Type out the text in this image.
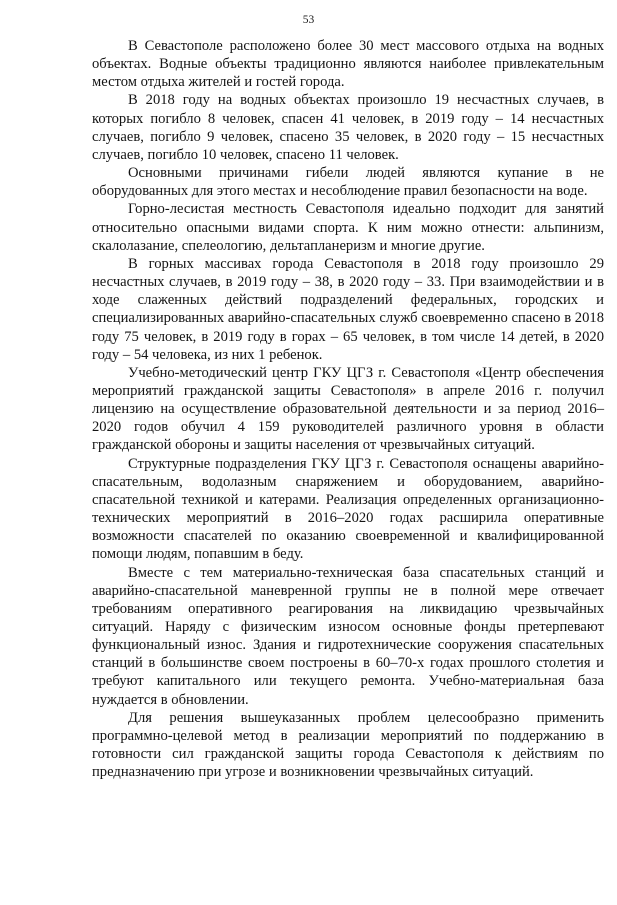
53

В Севастополе расположено более 30 мест массового отдыха на водных объектах. Водные объекты традиционно являются наиболее привлекательным местом отдыха жителей и гостей города.

В 2018 году на водных объектах произошло 19 несчастных случаев, в которых погибло 8 человек, спасен 41 человек, в 2019 году – 14 несчастных случаев, погибло 9 человек, спасено 35 человек, в 2020 году – 15 несчастных случаев, погибло 10 человек, спасено 11 человек.

Основными причинами гибели людей являются купание в не оборудованных для этого местах и несоблюдение правил безопасности на воде.

Горно-лесистая местность Севастополя идеально подходит для занятий относительно опасными видами спорта. К ним можно отнести: альпинизм, скалолазание, спелеологию, дельтапланеризм и многие другие.

В горных массивах города Севастополя в 2018 году произошло 29 несчастных случаев, в 2019 году – 38, в 2020 году – 33. При взаимодействии и в ходе слаженных действий подразделений федеральных, городских и специализированных аварийно-спасательных служб своевременно спасено в 2018 году 75 человек, в 2019 году в горах – 65 человек, в том числе 14 детей, в 2020 году – 54 человека, из них 1 ребенок.

Учебно-методический центр ГКУ ЦГЗ г. Севастополя «Центр обеспечения мероприятий гражданской защиты Севастополя» в апреле 2016 г. получил лицензию на осуществление образовательной деятельности и за период 2016–2020 годов обучил 4 159 руководителей различного уровня в области гражданской обороны и защиты населения от чрезвычайных ситуаций.

Структурные подразделения ГКУ ЦГЗ г. Севастополя оснащены аварийно-спасательным, водолазным снаряжением и оборудованием, аварийно-спасательной техникой и катерами. Реализация определенных организационно-технических мероприятий в 2016–2020 годах расширила оперативные возможности спасателей по оказанию своевременной и квалифицированной помощи людям, попавшим в беду.

Вместе с тем материально-техническая база спасательных станций и аварийно-спасательной маневренной группы не в полной мере отвечает требованиям оперативного реагирования на ликвидацию чрезвычайных ситуаций. Наряду с физическим износом основные фонды претерпевают функциональный износ. Здания и гидротехнические сооружения спасательных станций в большинстве своем построены в 60–70-х годах прошлого столетия и требуют капитального или текущего ремонта. Учебно-материальная база нуждается в обновлении.

Для решения вышеуказанных проблем целесообразно применить программно-целевой метод в реализации мероприятий по поддержанию в готовности сил гражданской защиты города Севастополя к действиям по предназначению при угрозе и возникновении чрезвычайных ситуаций.
